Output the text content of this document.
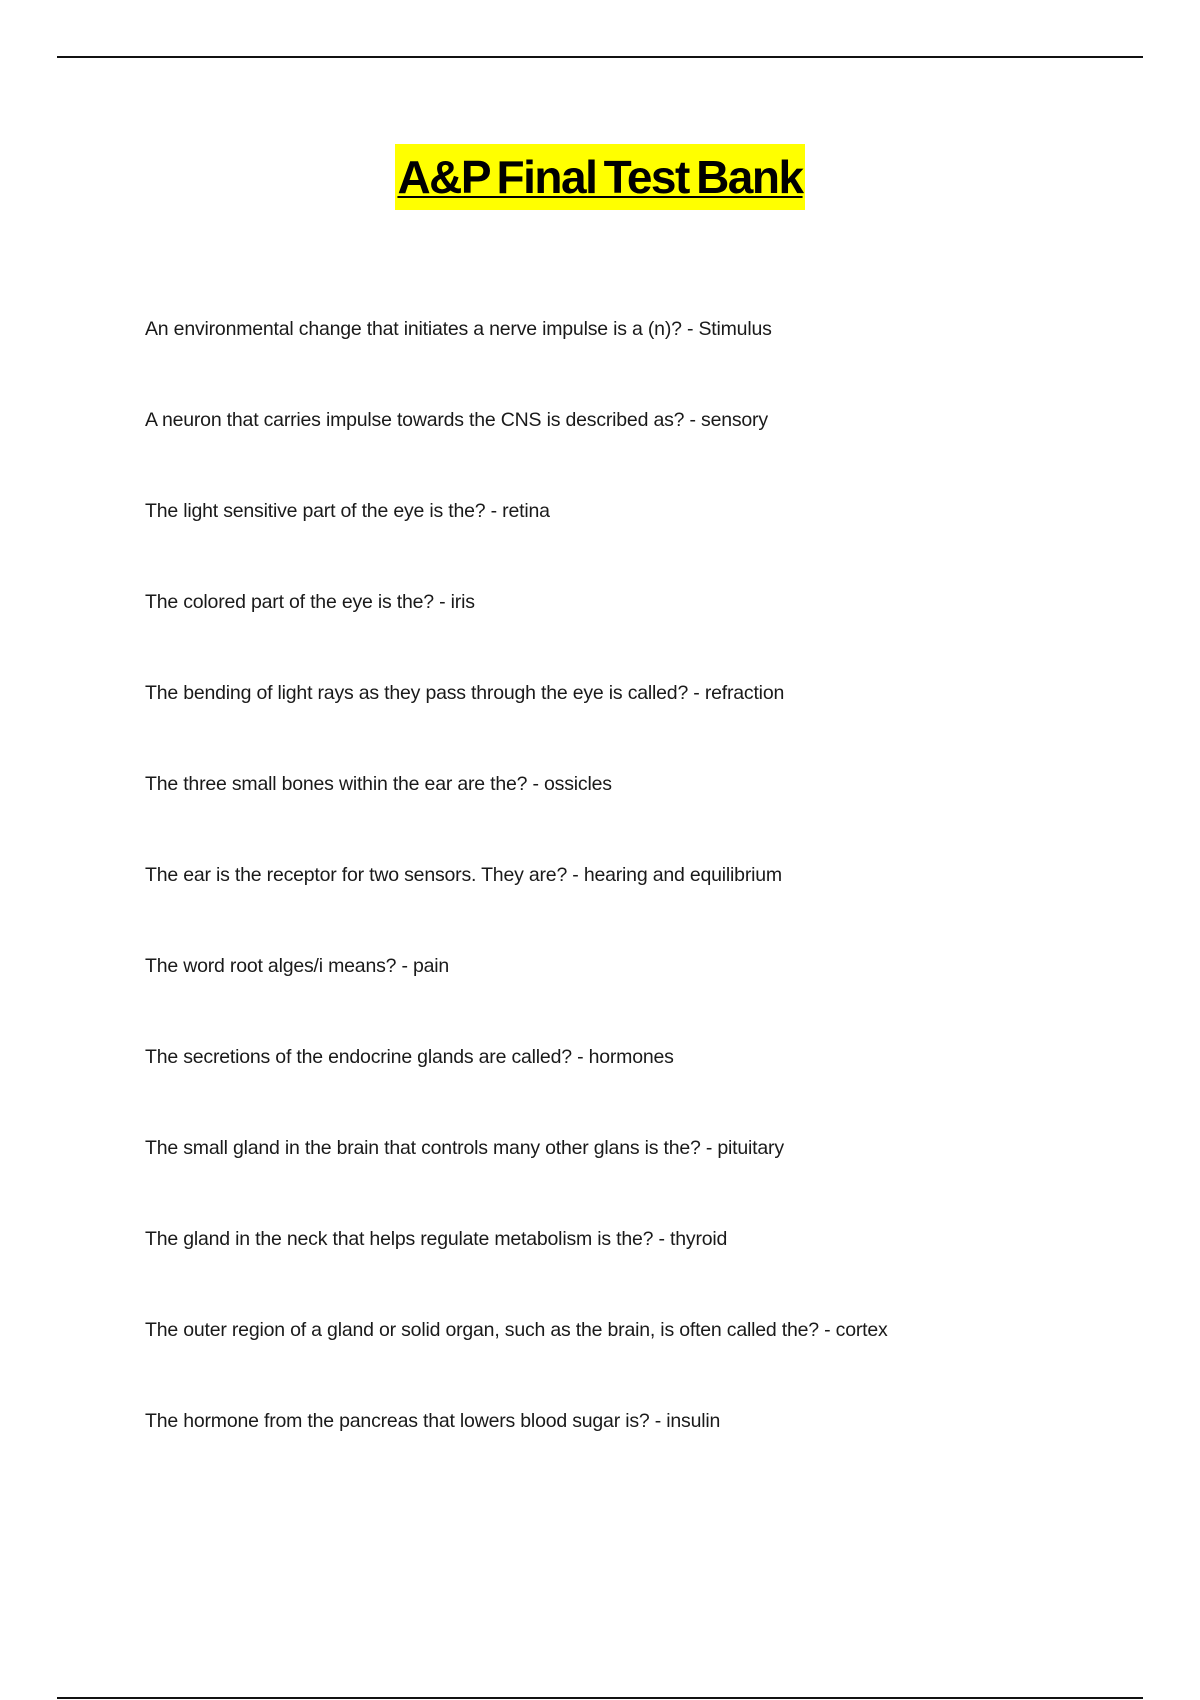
A&P Final Test Bank
An environmental change that initiates a nerve impulse is a (n)? - Stimulus
A neuron that carries impulse towards the CNS is described as? - sensory
The light sensitive part of the eye is the? - retina
The colored part of the eye is the? - iris
The bending of light rays as they pass through the eye is called? - refraction
The three small bones within the ear are the? - ossicles
The ear is the receptor for two sensors. They are? - hearing and equilibrium
The word root alges/i means? - pain
The secretions of the endocrine glands are called? - hormones
The small gland in the brain that controls many other glans is the? - pituitary
The gland in the neck that helps regulate metabolism is the? - thyroid
The outer region of a gland or solid organ, such as the brain, is often called the? - cortex
The hormone from the pancreas that lowers blood sugar is? - insulin
